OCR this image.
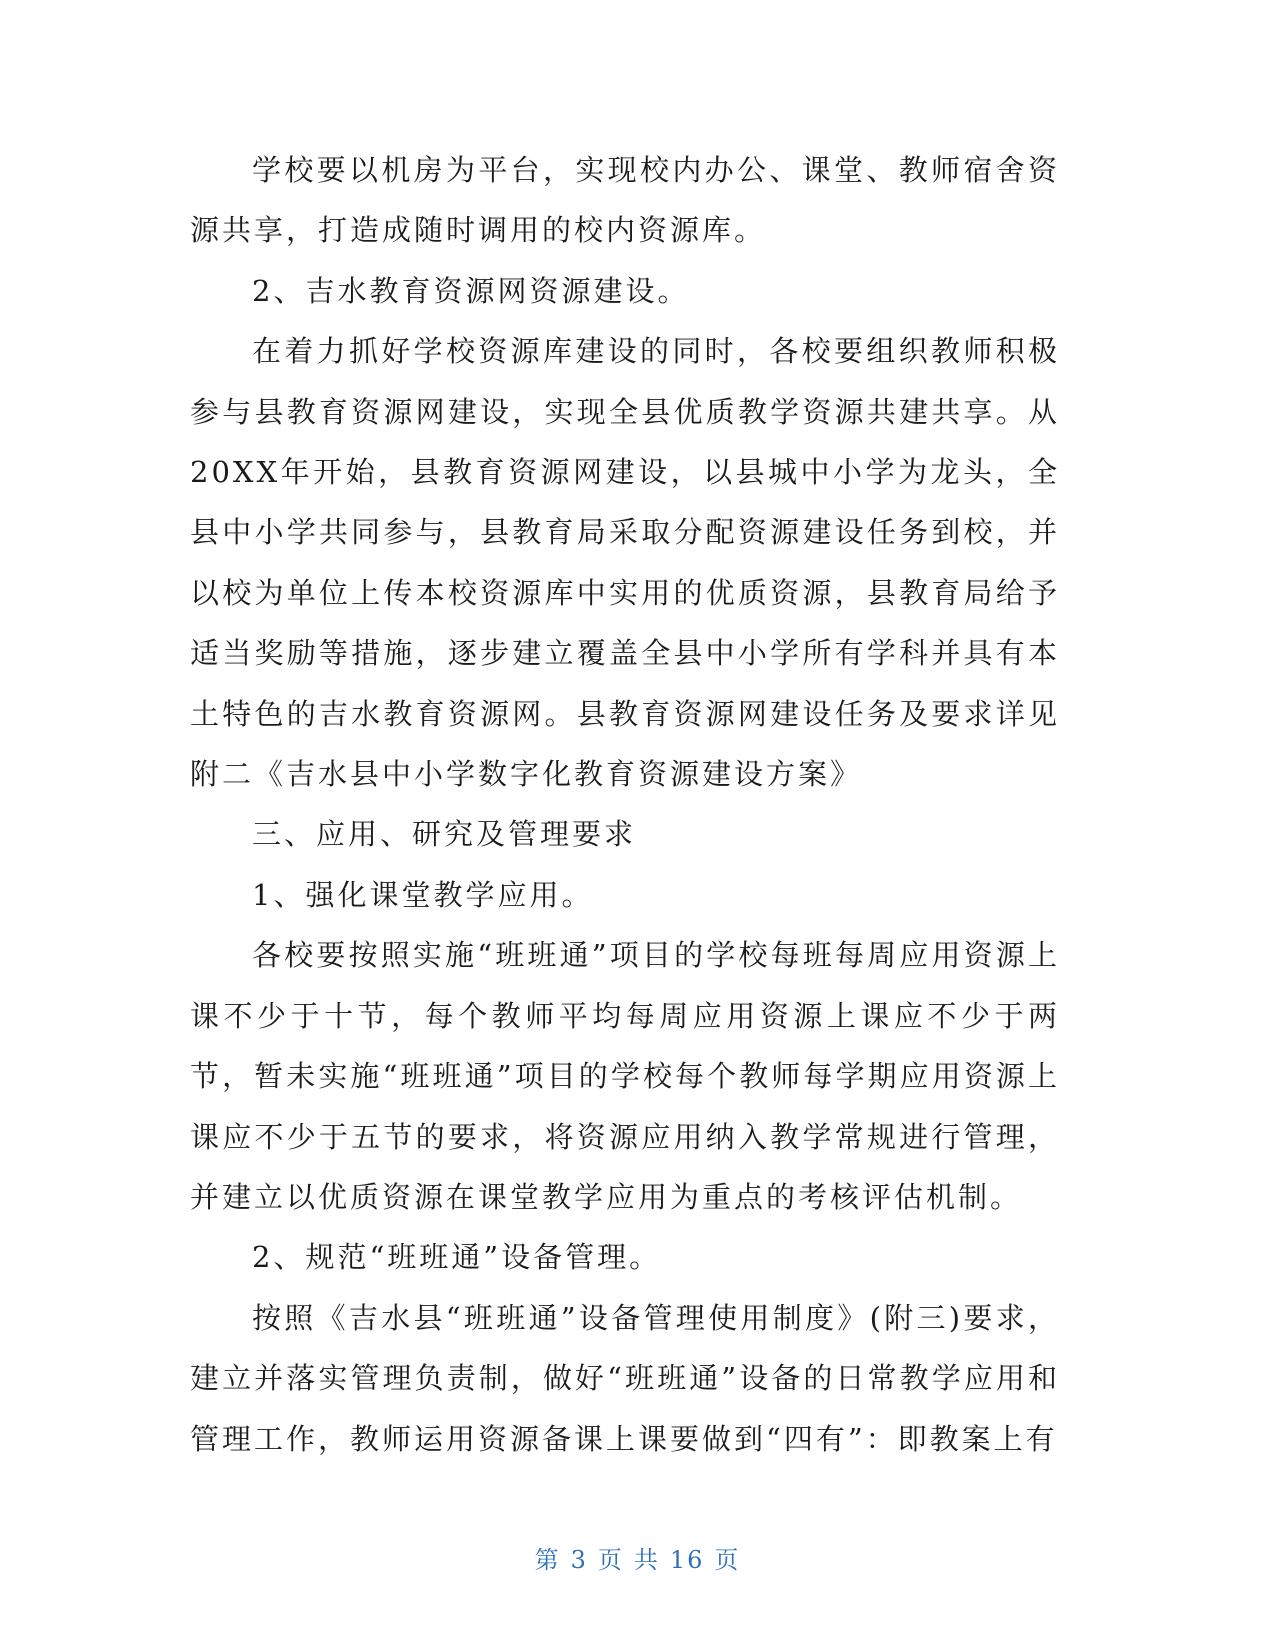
学校要以机房为平台，实现校内办公、课堂、教师宿舍资源共享，打造成随时调用的校内资源库。

2、吉水教育资源网资源建设。

在着力抓好学校资源库建设的同时，各校要组织教师积极参与县教育资源网建设，实现全县优质教学资源共建共享。从20XX年开始，县教育资源网建设，以县城中小学为龙头，全县中小学共同参与，县教育局采取分配资源建设任务到校，并以校为单位上传本校资源库中实用的优质资源，县教育局给予适当奖励等措施，逐步建立覆盖全县中小学所有学科并具有本土特色的吉水教育资源网。县教育资源网建设任务及要求详见附二《吉水县中小学数字化教育资源建设方案》

三、应用、研究及管理要求

1、强化课堂教学应用。

各校要按照实施“班班通”项目的学校每班每周应用资源上课不少于十节，每个教师平均每周应用资源上课应不少于两节，暂未实施“班班通”项目的学校每个教师每学期应用资源上课应不少于五节的要求，将资源应用纳入教学常规进行管理，并建立以优质资源在课堂教学应用为重点的考核评估机制。

2、规范“班班通”设备管理。

按照《吉水县“班班通”设备管理使用制度》(附三)要求，建立并落实管理负责制，做好“班班通”设备的日常教学应用和管理工作，教师运用资源备课上课要做到“四有”：即教案上有

第 3 页 共 16 页
